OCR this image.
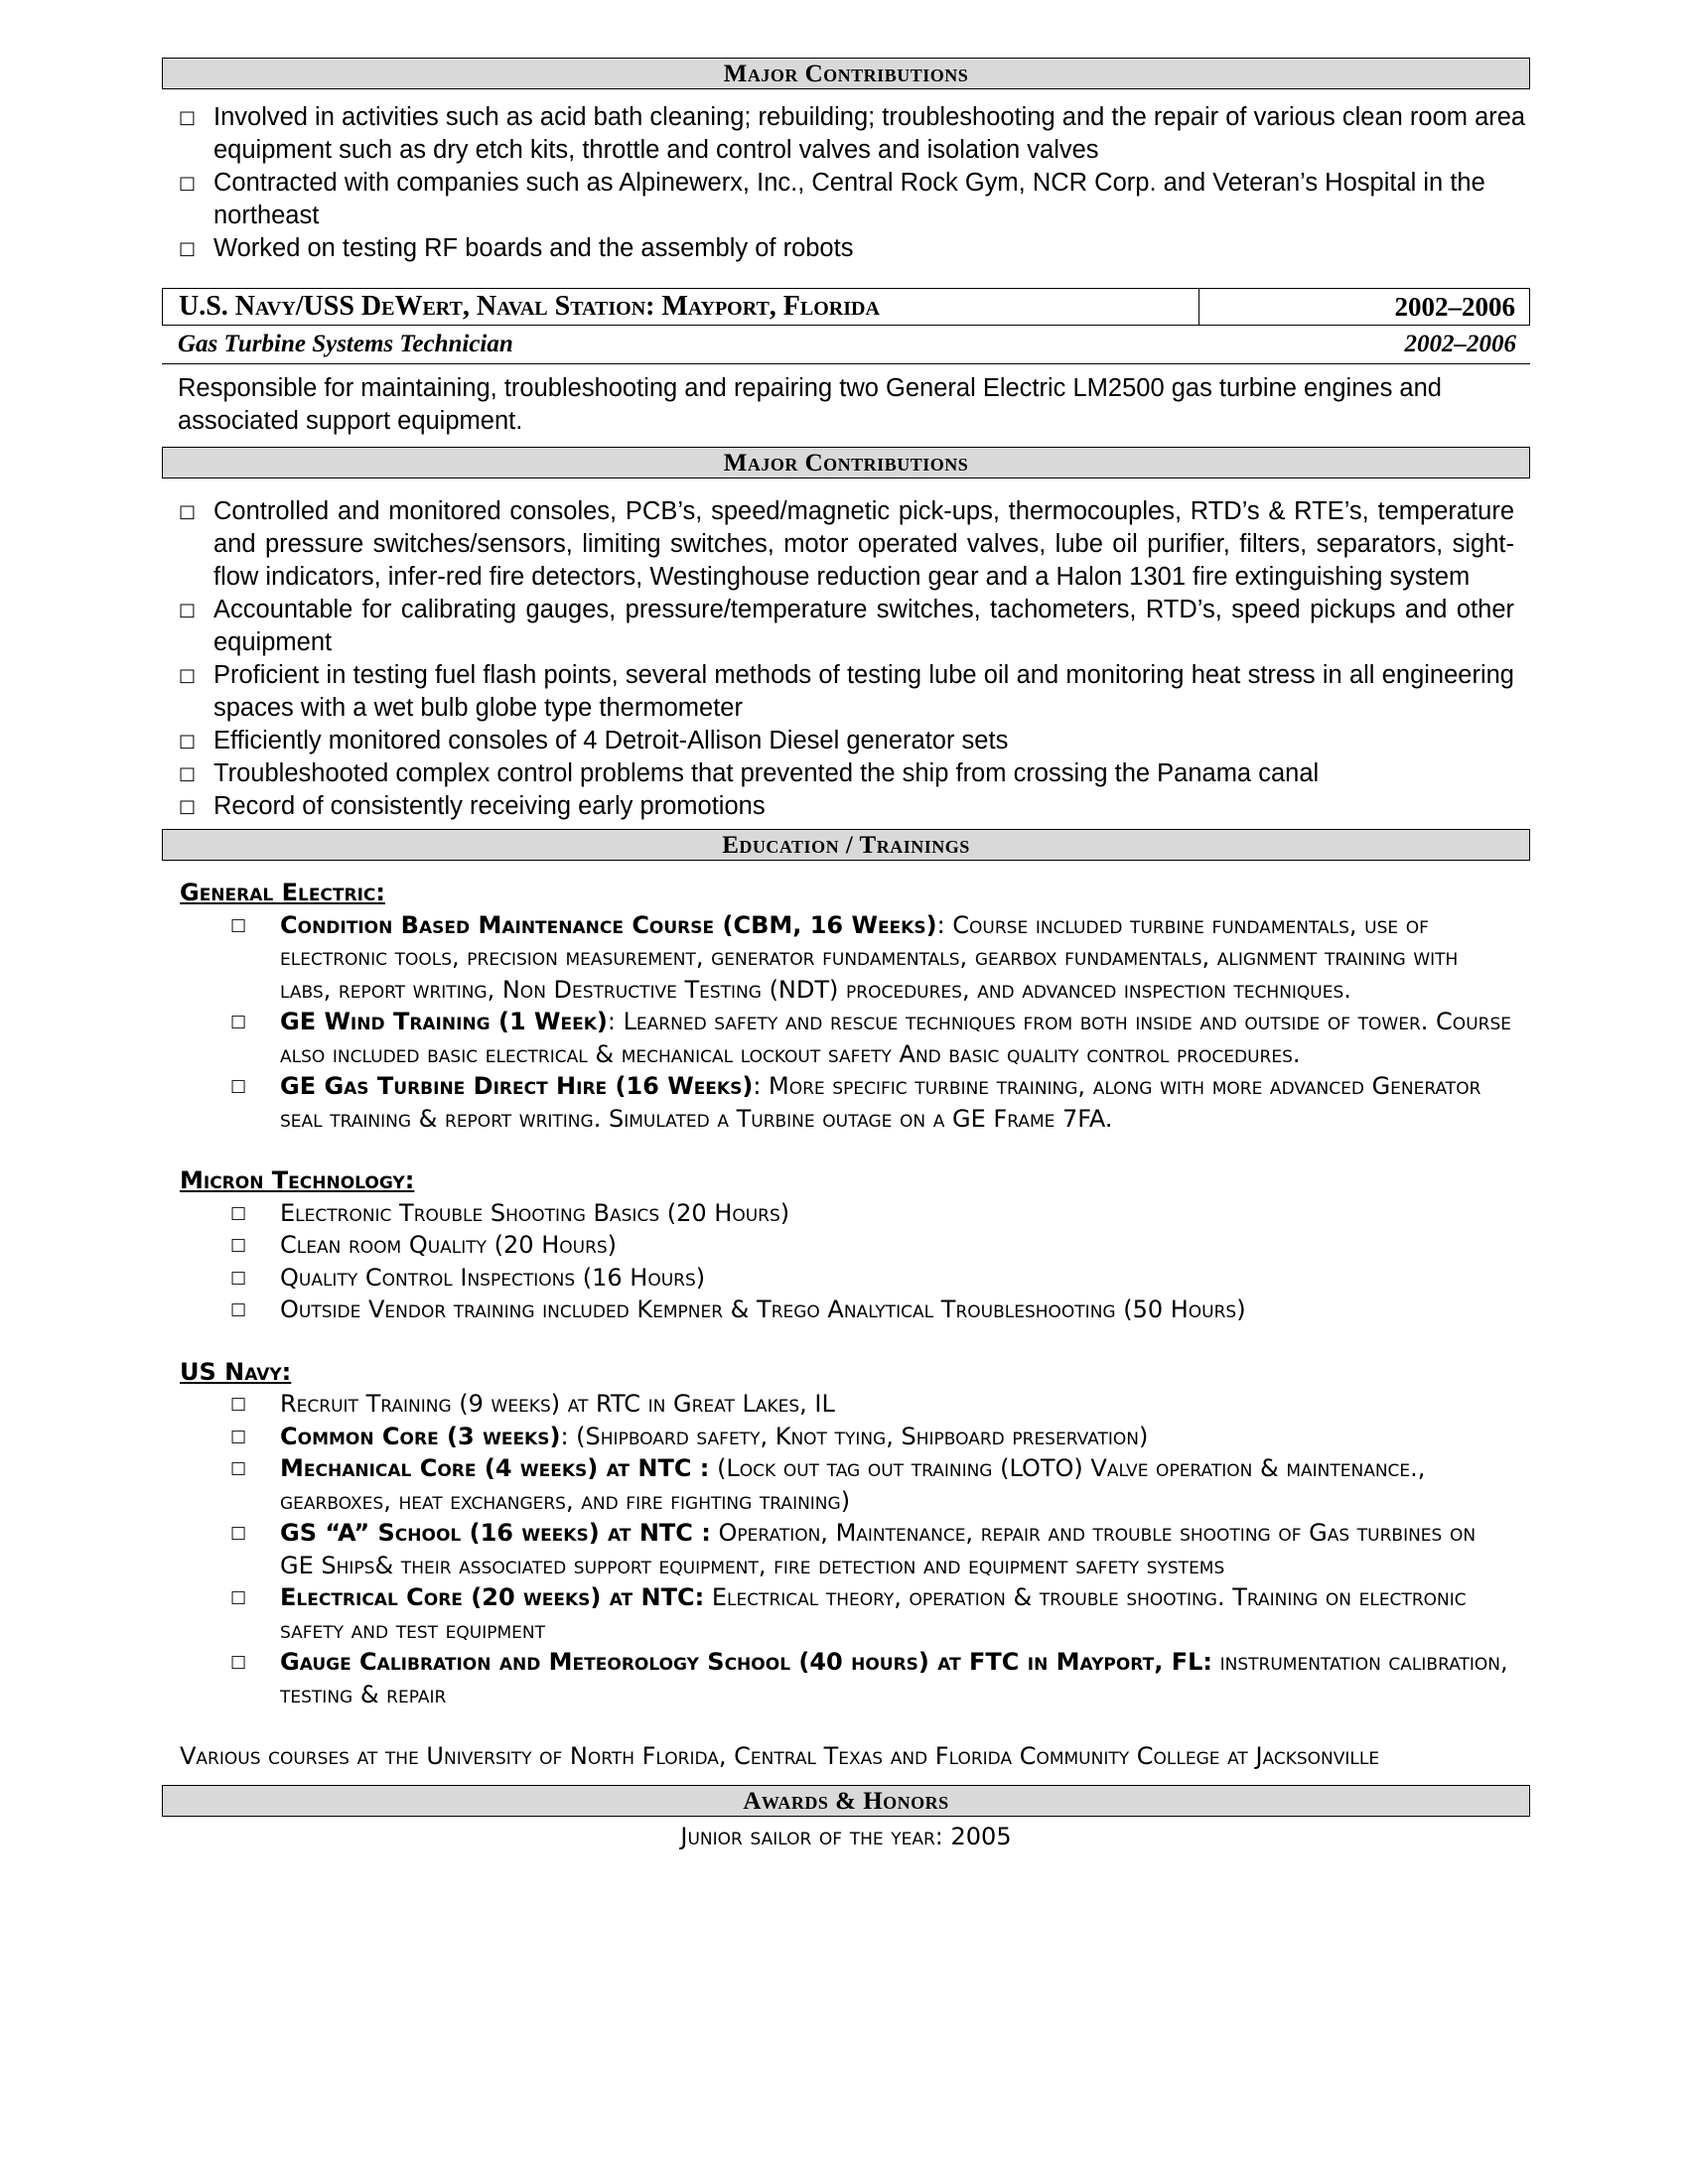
Major Contributions
□ Involved in activities such as acid bath cleaning; rebuilding; troubleshooting and the repair of various clean room area equipment such as dry etch kits, throttle and control valves and isolation valves
□ Contracted with companies such as Alpinewerx, Inc., Central Rock Gym, NCR Corp. and Veteran’s Hospital in the northeast
□ Worked on testing RF boards and the assembly of robots
U.S. Navy/USS DeWert, Naval Station: Mayport, Florida	2002–2006
Gas Turbine Systems Technician	2002–2006
Responsible for maintaining, troubleshooting and repairing two General Electric LM2500 gas turbine engines and associated support equipment.
Major Contributions
□ Controlled and monitored consoles, PCB’s, speed/magnetic pick-ups, thermocouples, RTD’s & RTE’s, temperature and pressure switches/sensors, limiting switches, motor operated valves, lube oil purifier, filters, separators, sight-flow indicators, infer-red fire detectors, Westinghouse reduction gear and a Halon 1301 fire extinguishing system
□ Accountable for calibrating gauges, pressure/temperature switches, tachometers, RTD’s, speed pickups and other equipment
□ Proficient in testing fuel flash points, several methods of testing lube oil and monitoring heat stress in all engineering spaces with a wet bulb globe type thermometer
□ Efficiently monitored consoles of 4 Detroit-Allison Diesel generator sets
□ Troubleshooted complex control problems that prevented the ship from crossing the Panama canal
□ Record of consistently receiving early promotions
Education / Trainings
General Electric:
□ Condition Based Maintenance Course (CBM, 16 Weeks): Course included turbine fundamentals, use of electronic tools, precision measurement, generator fundamentals, gearbox fundamentals, alignment training with labs, report writing, Non Destructive Testing (NDT) procedures, and advanced inspection techniques.
□ GE Wind Training (1 Week): Learned safety and rescue techniques from both inside and outside of tower. Course also included basic electrical & mechanical lockout safety And basic quality control procedures.
□ GE Gas Turbine Direct Hire (16 Weeks): More specific turbine training, along with more advanced Generator seal training & report writing. Simulated a Turbine outage on a GE Frame 7FA.
Micron Technology:
□ Electronic Trouble Shooting Basics (20 Hours)
□ Clean room Quality (20 Hours)
□ Quality Control Inspections (16 Hours)
□ Outside Vendor training included Kempner & Trego Analytical Troubleshooting (50 Hours)
US Navy:
□ Recruit Training (9 weeks) at RTC in Great Lakes, IL
□ Common Core (3 weeks): (Shipboard safety, Knot tying, Shipboard preservation)
□ Mechanical Core (4 weeks) at NTC : (Lock out tag out training (LOTO) Valve operation & maintenance., gearboxes, heat exchangers, and fire fighting training)
□ GS “A” School (16 weeks) at NTC : Operation, Maintenance, repair and trouble shooting of Gas turbines on GE Ships& their associated support equipment, fire detection and equipment safety systems
□ Electrical Core (20 weeks) at NTC: Electrical theory, operation & trouble shooting. Training on electronic safety and test equipment
□ Gauge Calibration and Meteorology School (40 hours) at FTC in Mayport, FL: instrumentation calibration, testing & repair
Various courses at the University of North Florida, Central Texas and Florida Community College at Jacksonville
Awards & Honors
Junior sailor of the year: 2005
